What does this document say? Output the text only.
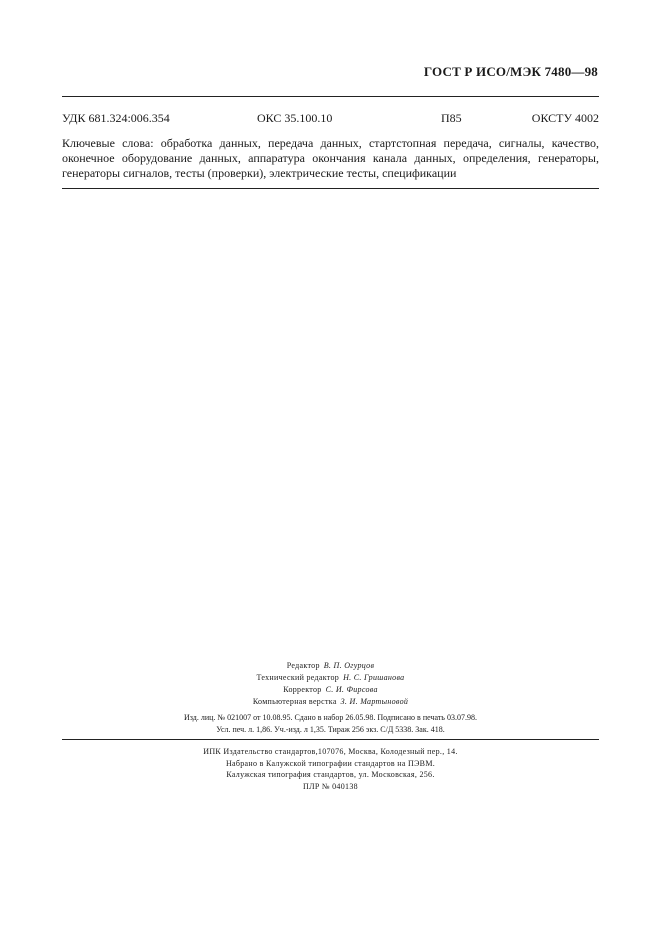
ГОСТ Р ИСО/МЭК 7480—98
УДК 681.324:006.354	ОКС 35.100.10	П85	ОКСТУ 4002
Ключевые слова: обработка данных, передача данных, стартстопная передача, сигналы, качество,
оконечное оборудование данных, аппаратура окончания канала данных, определения, генераторы,
генераторы сигналов, тесты (проверки), электрические тесты, спецификации
Редактор В. П. Огурцов
Технический редактор Н. С. Гришанова
Корректор С. И. Фирсова
Компьютерная верстка З. И. Мартыновой
Изд. лиц. № 021007 от 10.08.95. Сдано в набор 26.05.98. Подписано в печать 03.07.98.
Усл. печ. л. 1,86. Уч.-изд. л 1,35. Тираж 256 экз. С/Д 5338. Зак. 418.
ИПК Издательство стандартов,107076, Москва, Колодезный пер., 14.
Набрано в Калужской типографии стандартов на ПЭВМ.
Калужская типография стандартов, ул. Московская, 256.
ПЛР № 040138
